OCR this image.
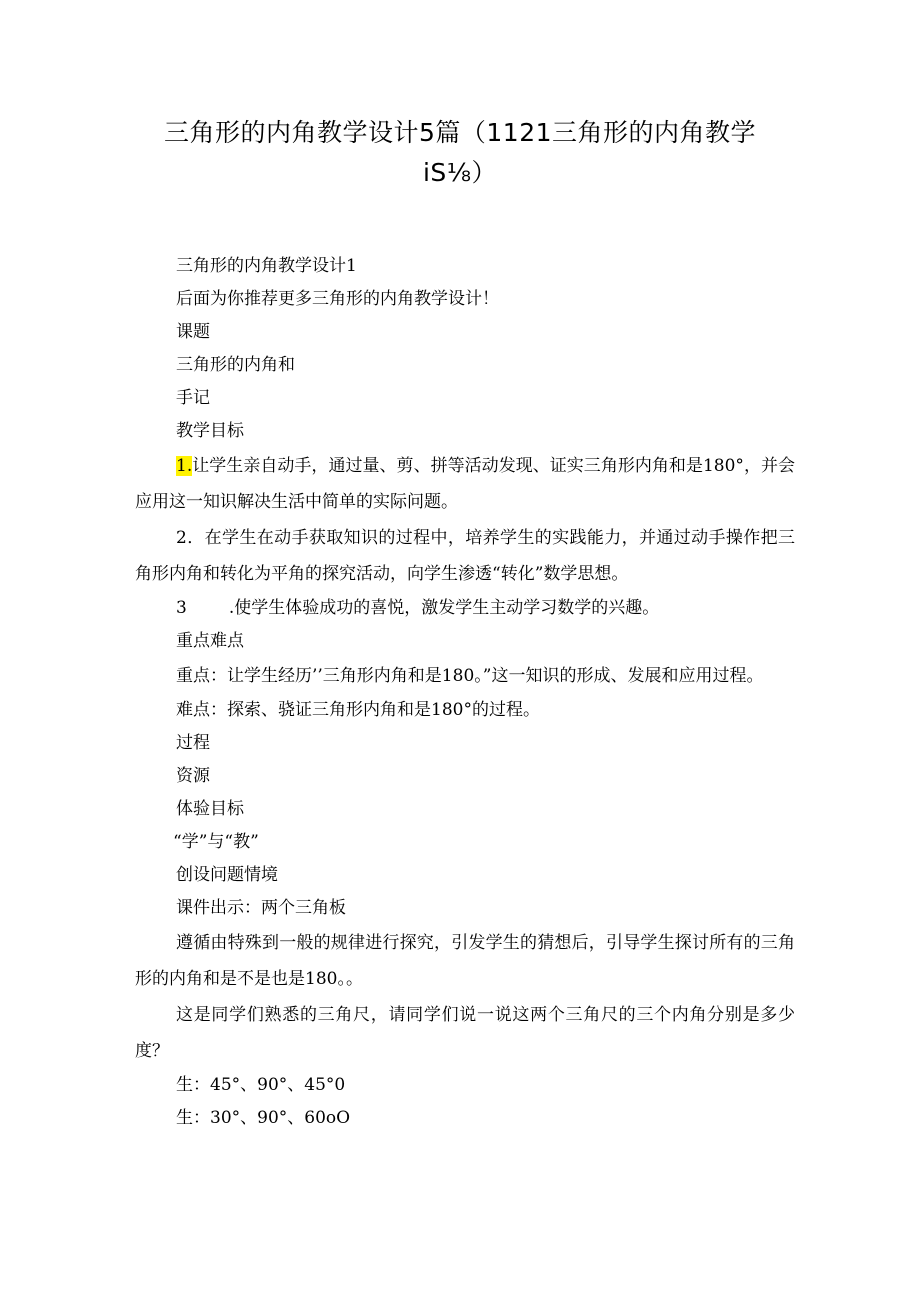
三角形的内角教学设计5篇（1121三角形的内角教学
iS⅛）

三角形的内角教学设计1

后面为你推荐更多三角形的内角教学设计！

课题

三角形的内角和

手记

教学目标

1.让学生亲自动手，通过量、剪、拼等活动发现、证实三角形内角和是180°，并会应用这一知识解决生活中简单的实际问题。

2．在学生在动手获取知识的过程中，培养学生的实践能力，并通过动手操作把三角形内角和转化为平角的探究活动，向学生渗透“转化”数学思想。

3 .使学生体验成功的喜悦，激发学生主动学习数学的兴趣。

重点难点

重点：让学生经历’’三角形内角和是180。”这一知识的形成、发展和应用过程。

难点：探索、骁证三角形内角和是180°的过程。

过程

资源

体验目标

“学”与“教”

创设问题情境

课件出示：两个三角板

遵循由特殊到一般的规律进行探究，引发学生的猜想后，引导学生探讨所有的三角形的内角和是不是也是180。。

这是同学们熟悉的三角尺，请同学们说一说这两个三角尺的三个内角分别是多少度？

生：45°、90°、45°0

生：30°、90°、60oO
